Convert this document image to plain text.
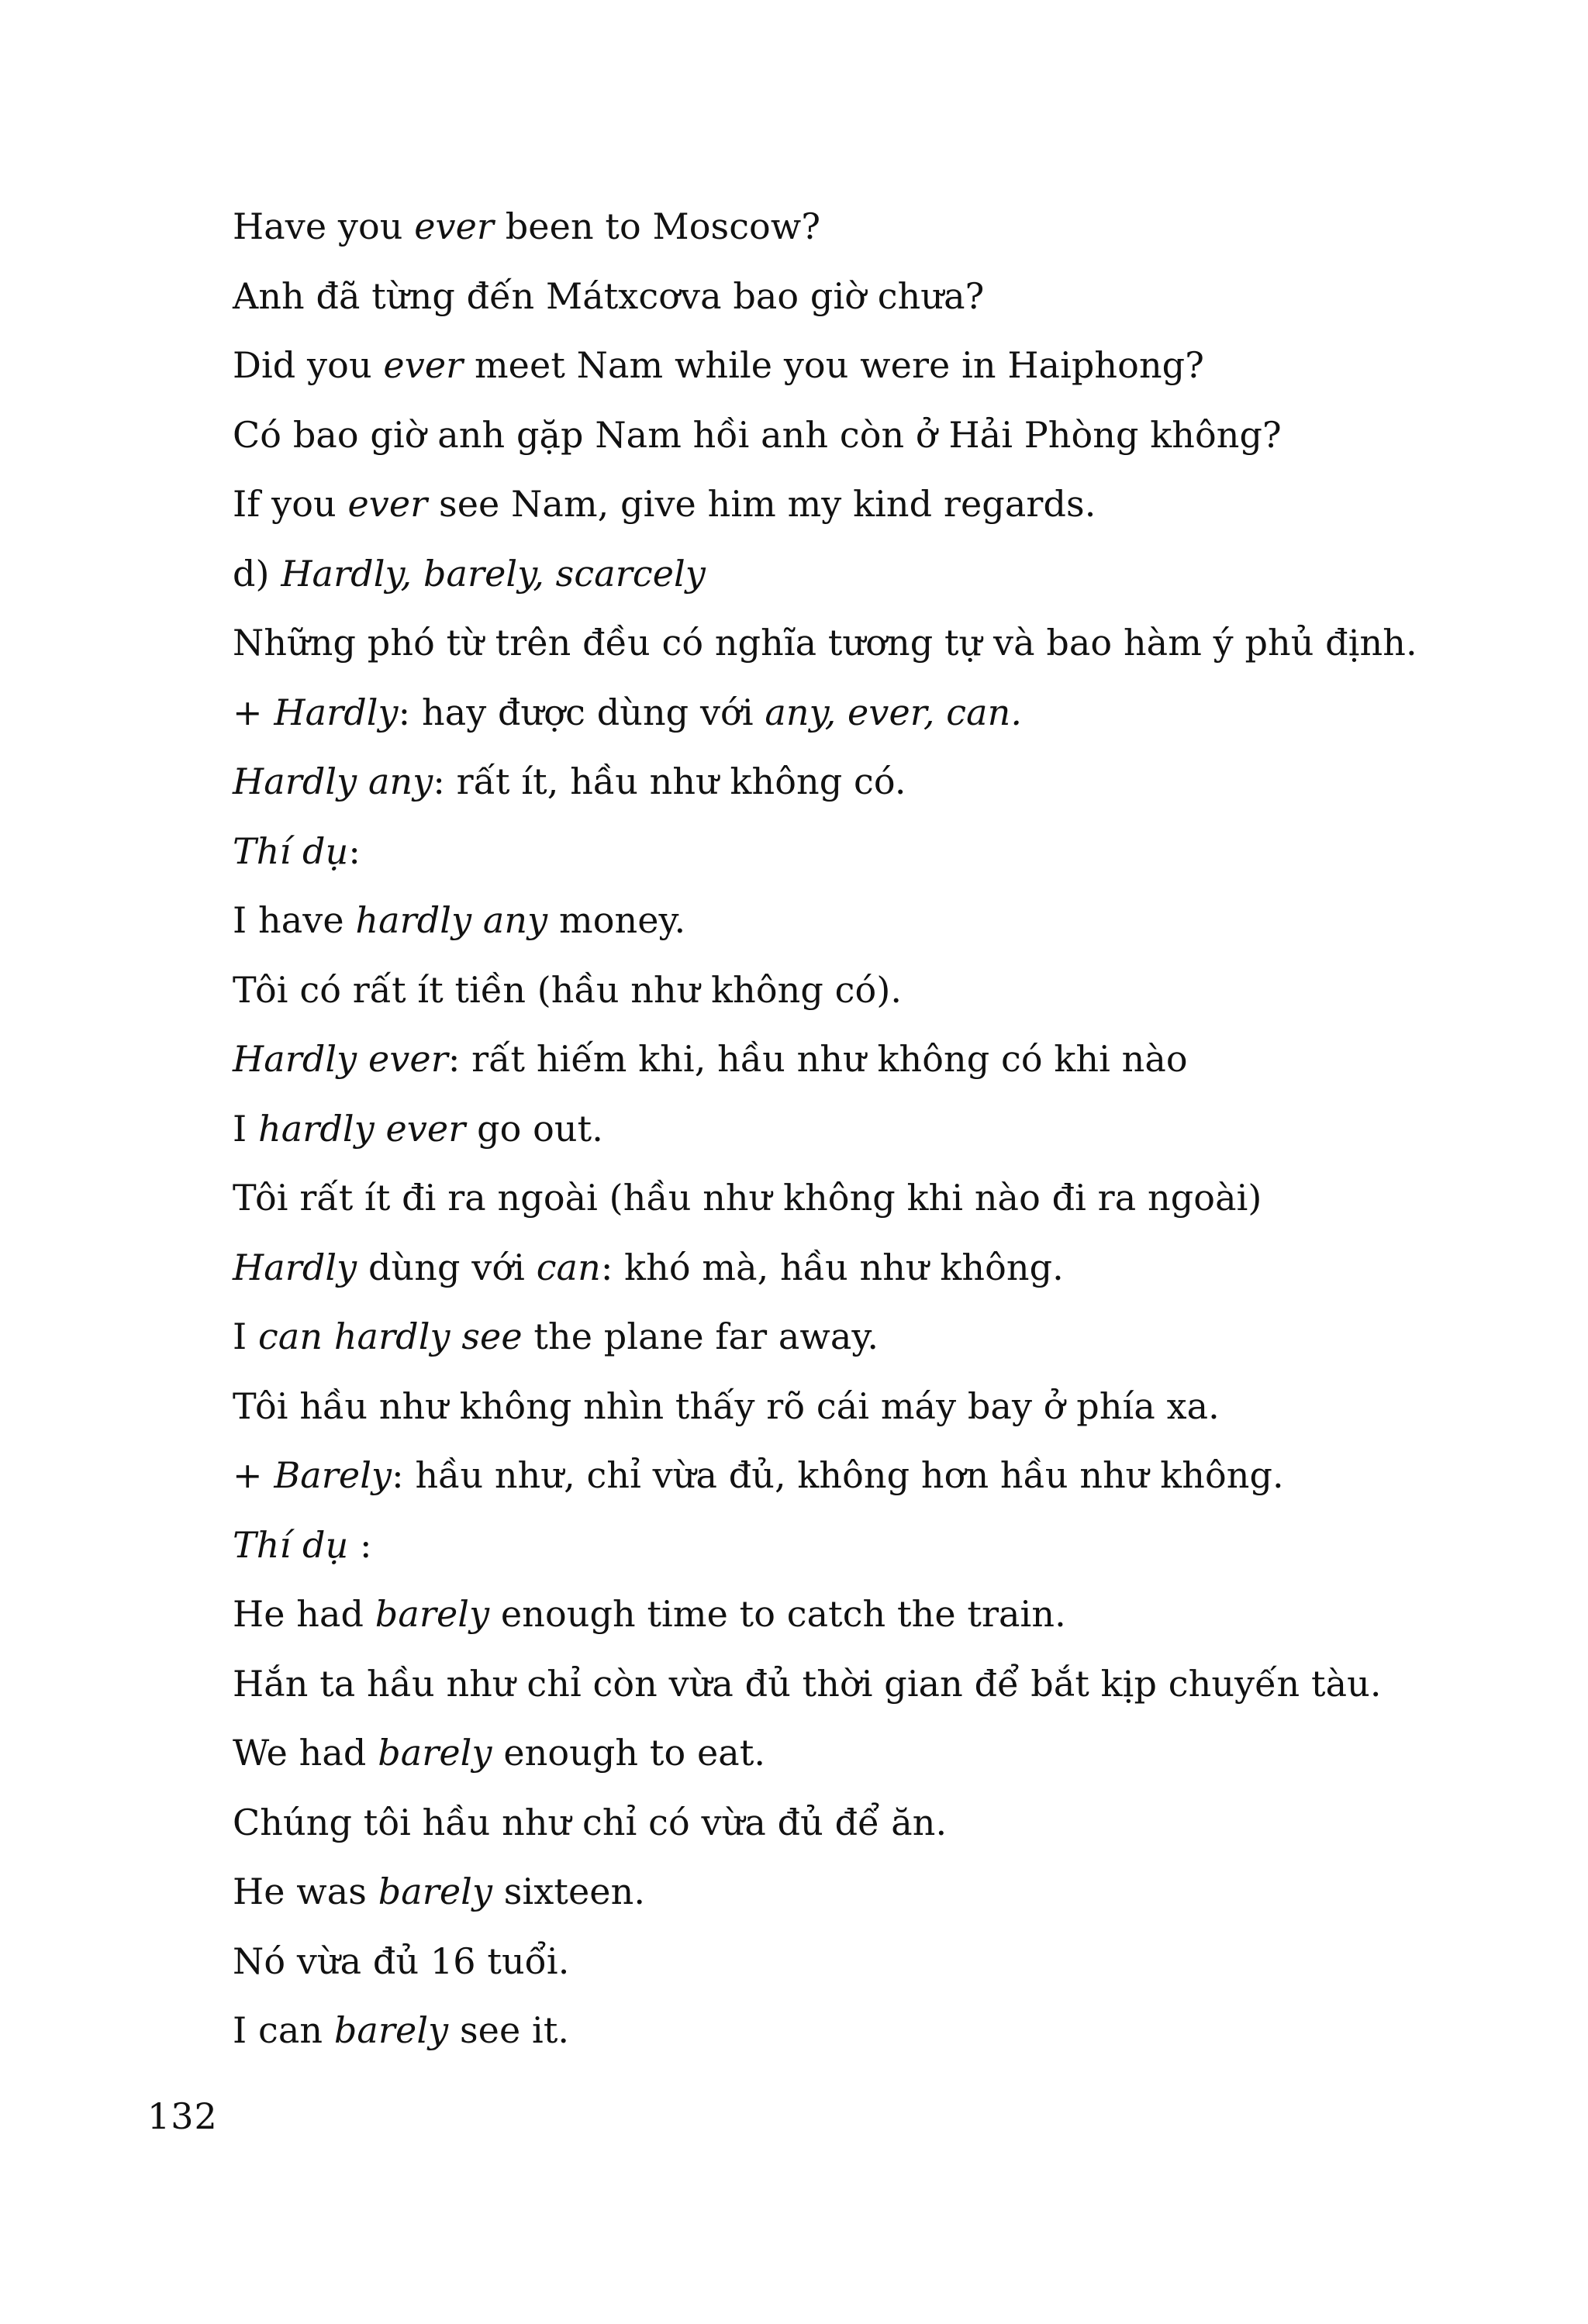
Have you ever been to Moscow?
Anh đã từng đến Mátxcơva bao giờ chưa?
Did you ever meet Nam while you were in Haiphong?
Có bao giờ anh gặp Nam hồi anh còn ở Hải Phòng không?
If you ever see Nam, give him my kind regards.
d) Hardly, barely, scarcely
Những phó từ trên đều có nghĩa tương tự và bao hàm ý phủ định.
+ Hardly: hay được dùng với any, ever, can.
Hardly any: rất ít, hầu như không có.
Thí dụ:
I have hardly any money.
Tôi có rất ít tiền (hầu như không có).
Hardly ever: rất hiếm khi, hầu như không có khi nào
I hardly ever go out.
Tôi rất ít đi ra ngoài (hầu như không khi nào đi ra ngoài)
Hardly dùng với can: khó mà, hầu như không.
I can hardly see the plane far away.
Tôi hầu như không nhìn thấy rõ cái máy bay ở phía xa.
+ Barely: hầu như, chỉ vừa đủ, không hơn hầu như không.
Thí dụ :
He had barely enough time to catch the train.
Hắn ta hầu như chỉ còn vừa đủ thời gian để bắt kịp chuyến tàu.
We had barely enough to eat.
Chúng tôi hầu như chỉ có vừa đủ để ăn.
He was barely sixteen.
Nó vừa đủ 16 tuổi.
I can barely see it.
132
